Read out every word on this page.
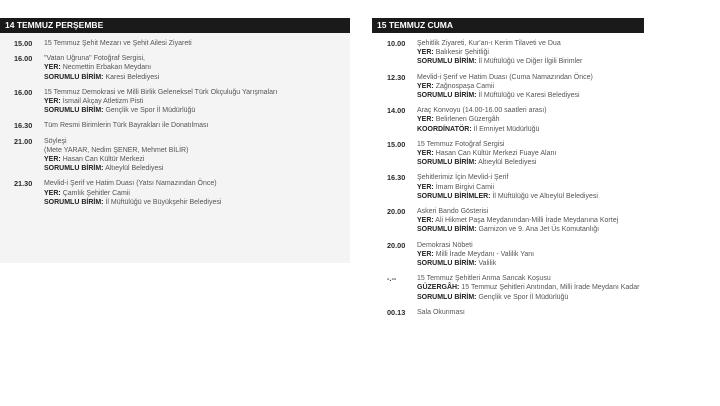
14 TEMMUZ PERŞEMBE
15.00	15 Temmuz Şehit Mezarı ve Şehit Ailesi Ziyareti
16.00	"Vatan Uğruna" Fotoğraf Sergisi,
YER: Necmettin Erbakan Meydanı
SORUMLU BİRİM: Karesi Belediyesi
16.00	15 Temmuz Demokrasi ve Milli Birlik Geleneksel Türk Okçuluğu Yarışmaları
YER: İsmail Akçay Atletizm Pisti
SORUMLU BİRİM: Gençlik ve Spor İl Müdürlüğü
16.30	Tüm Resmi Birimlerin Türk Bayrakları ile Donatılması
21.00	Söyleşi
(Mete YARAR, Nedim ŞENER, Mehmet BİLİR)
YER: Hasan Can Kültür Merkezi
SORUMLU BİRİM: Altıeylül Belediyesi
21.30	Mevlid-i Şerif ve Hatim Duası (Yatsı Namazından Önce)
YER: Çamlık Şehitler Camii
SORUMLU BİRİM: İl Müftülüğü ve Büyükşehir Belediyesi
15 TEMMUZ CUMA
10.00	Şehitlik Ziyareti, Kur'an-ı Kerim Tilaveti ve Dua
YER: Balıkesir Şehitliği
SORUMLU BİRİM: İl Müftülüğü ve Diğer İlgili Birimler
12.30	Mevlid-i Şerif ve Hatim Duası (Cuma Namazından Önce)
YER: Zağnospaşa Camii
SORUMLU BİRİM: İl Müftülüğü ve Karesi Belediyesi
14.00	Araç Konvoyu (14.00-16.00 saatleri arası)
YER: Belirlenen Güzergâh
KOORDİNATÖR: İl Emniyet Müdürlüğü
15.00	15 Temmuz Fotoğraf Sergisi
YER: Hasan Can Kültür Merkezi Fuaye Alanı
SORUMLU BİRİM: Altıeylül Belediyesi
16.30	Şehitlerimiz İçin Mevlid-i Şerif
YER: İmam Birgivi Camii
SORUMLU BİRİMLER: İl Müftülüğü ve Altıeylül Belediyesi
20.00	Askeri Bando Gösterisi
YER: Ali Hikmet Paşa Meydanından-Milli İrade Meydanına Kortej
SORUMLU BİRİM: Garnizon ve 9. Ana Jet Üs Komutanlığı
20.00	Demokrasi Nöbeti
YER: Milli İrade Meydanı - Valilik Yanı
SORUMLU BİRİM: Valilik
-.--	15 Temmuz Şehitleri Anma Sancak Koşusu
GÜZERGÂH: 15 Temmuz Şehitleri Anıtından, Milli İrade Meydanı Kadar
SORUMLU BİRİM: Gençlik ve Spor İl Müdürlüğü
00.13	Sala Okunması
